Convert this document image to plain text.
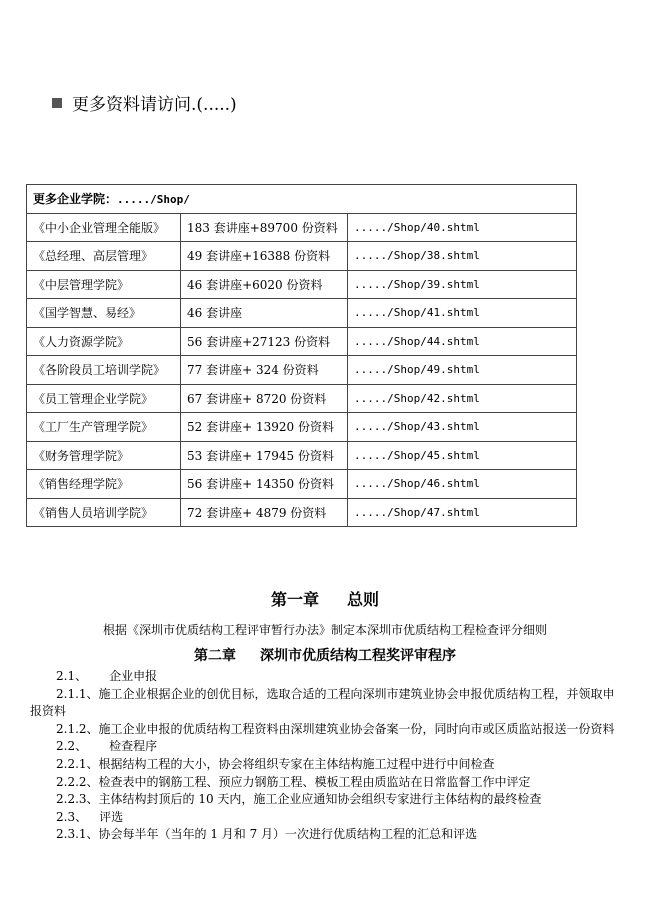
更多资料请访问.(.....)
更多企业学院：...../Shop/		
《中小企业管理全能版》	183 套讲座+89700 份资料	...../Shop/40.shtml
《总经理、高层管理》	49 套讲座+16388 份资料	...../Shop/38.shtml
《中层管理学院》	46 套讲座+6020 份资料	...../Shop/39.shtml
《国学智慧、易经》	46 套讲座	...../Shop/41.shtml
《人力资源学院》	56 套讲座+27123 份资料	...../Shop/44.shtml
《各阶段员工培训学院》	77 套讲座+ 324 份资料	...../Shop/49.shtml
《员工管理企业学院》	67 套讲座+ 8720 份资料	...../Shop/42.shtml
《工厂生产管理学院》	52 套讲座+ 13920 份资料	...../Shop/43.shtml
《财务管理学院》	53 套讲座+ 17945 份资料	...../Shop/45.shtml
《销售经理学院》	56 套讲座+ 14350 份资料	...../Shop/46.shtml
《销售人员培训学院》	72 套讲座+ 4879 份资料	...../Shop/47.shtml
第一章 总则
根据《深圳市优质结构工程评审暂行办法》制定本深圳市优质结构工程检查评分细则
第二章 深圳市优质结构工程奖评审程序
2.1、 企业申报
2.1.1、施工企业根据企业的创优目标，选取合适的工程向深圳市建筑业协会申报优质结构工程，并领取申报资料
2.1.2、施工企业申报的优质结构工程资料由深圳建筑业协会备案一份，同时向市或区质监站报送一份资料
2.2、 检查程序
2.2.1、根据结构工程的大小，协会将组织专家在主体结构施工过程中进行中间检查
2.2.2、检查表中的钢筋工程、预应力钢筋工程、模板工程由质监站在日常监督工作中评定
2.2.3、主体结构封顶后的 10 天内，施工企业应通知协会组织专家进行主体结构的最终检查
2.3、 评选
2.3.1、协会每半年（当年的 1 月和 7 月）一次进行优质结构工程的汇总和评选
